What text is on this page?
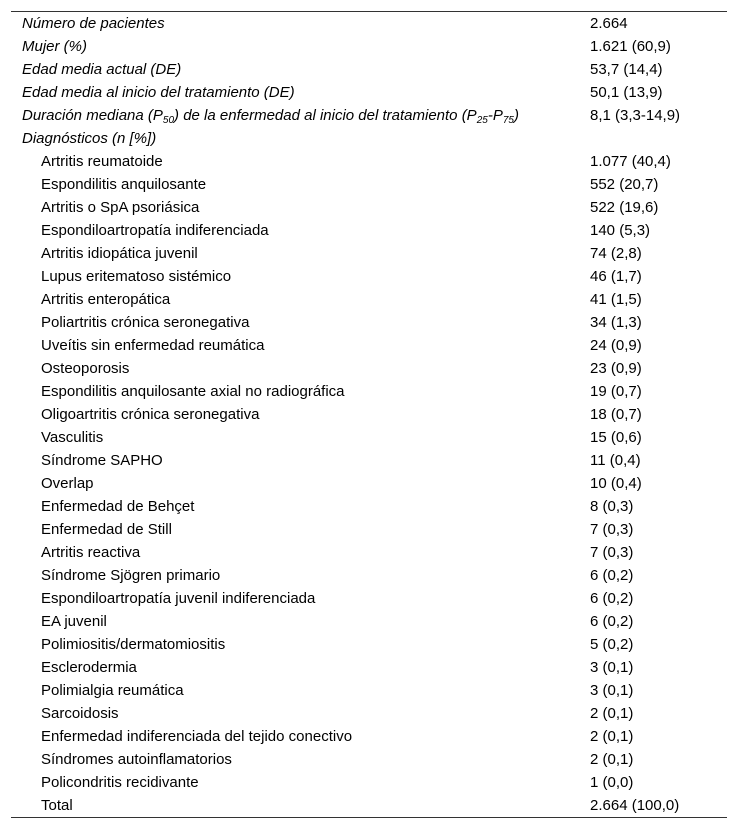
Número de pacientes	2.664
Mujer (%)	1.621 (60,9)
Edad media actual (DE)	53,7 (14,4)
Edad media al inicio del tratamiento (DE)	50,1 (13,9)
Duración mediana $(P_{50})$ de la enfermedad al inicio del tratamiento $(P_{25}-P_{75})$	8,1 (3,3-14,9)
Diagnósticos (n [%])	
Artritis reumatoide	1.077 (40,4)
Espondilitis anquilosante	552 (20,7)
Artritis o SpA psoriásica	522 (19,6)
Espondiloartropatía indiferenciada	140 (5,3)
Artritis idiopática juvenil	74 (2,8)
Lupus eritematoso sistémico	46 (1,7)
Artritis enteropática	41 (1,5)
Poliartritis crónica seronegativa	34 (1,3)
Uveítis sin enfermedad reumática	24 (0,9)
Osteoporosis	23 (0,9)
Espondilitis anquilosante axial no radiográfica	19 (0,7)
Oligoartritis crónica seronegativa	18 (0,7)
Vasculitis	15 (0,6)
Síndrome SAPHO	11 (0,4)
Overlap	10 (0,4)
Enfermedad de Behçet	8 (0,3)
Enfermedad de Still	7 (0,3)
Artritis reactiva	7 (0,3)
Síndrome Sjögren primario	6 (0,2)
Espondiloartropatía juvenil indiferenciada	6 (0,2)
EA juvenil	6 (0,2)
Polimiositis/dermatomiositis	5 (0,2)
Esclerodermia	3 (0,1)
Polimialgia reumática	3 (0,1)
Sarcoidosis	2 (0,1)
Enfermedad indiferenciada del tejido conectivo	2 (0,1)
Síndromes autoinflamatorios	2 (0,1)
Policondritis recidivante	1 (0,0)
Total	2.664 (100,0)
